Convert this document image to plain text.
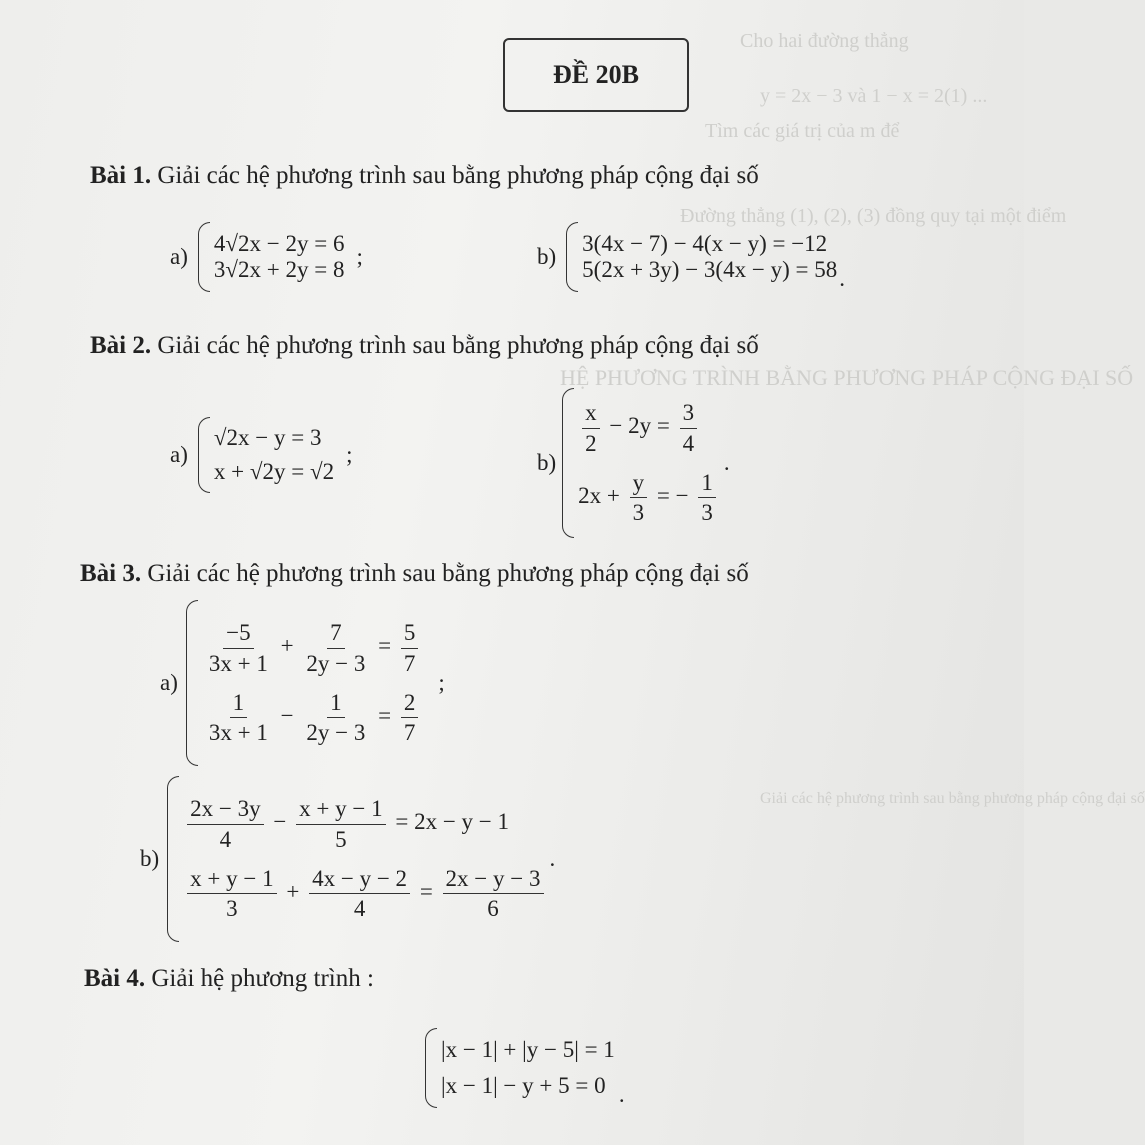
Cho hai đường thẳng
y = 2x − 3 và 1 − x = 2(1) ...
Tìm các giá trị của m để
Đường thẳng (1), (2), (3) đồng quy tại một điểm
HỆ PHƯƠNG TRÌNH BẰNG PHƯƠNG PHÁP CỘNG ĐẠI SỐ
Giải các hệ phương trình sau bằng phương pháp cộng đại số
ĐỀ 20B
Bài 1. Giải các hệ phương trình sau bằng phương pháp cộng đại số
a)
4√2x − 2y = 6
3√2x + 2y = 8
;	b)
3(4x − 7) − 4(x − y) = −12
5(2x + 3y) − 3(4x − y) = 58 .
Bài 2. Giải các hệ phương trình sau bằng phương pháp cộng đại số
a)
√2x − y = 3
x + √2y = √2
;	b)
$\frac{x}{2} - 2y = \frac{3}{4}$
$2x + \frac{y}{3}$ = − $\frac{1}{3}$
.
Bài 3. Giải các hệ phương trình sau bằng phương pháp cộng đại số
a)
$\frac{-5}{3x + 1} + \frac{7}{2y - 3} = \frac{5}{7}$
$\frac{1}{3x + 1} - \frac{1}{2y - 3} = \frac{2}{7}$
;
b)
$\frac{2x - 3y}{4} - \frac{x + y - 1}{5} = 2x - y - 1$
$\frac{x + y - 1}{3} + \frac{4x - y - 2}{4} = \frac{2x - y - 3}{6}$
.
Bài 4. Giải hệ phương trình :
|x − 1| + |y − 5| = 1
|x − 1| − y + 5 = 0 .
